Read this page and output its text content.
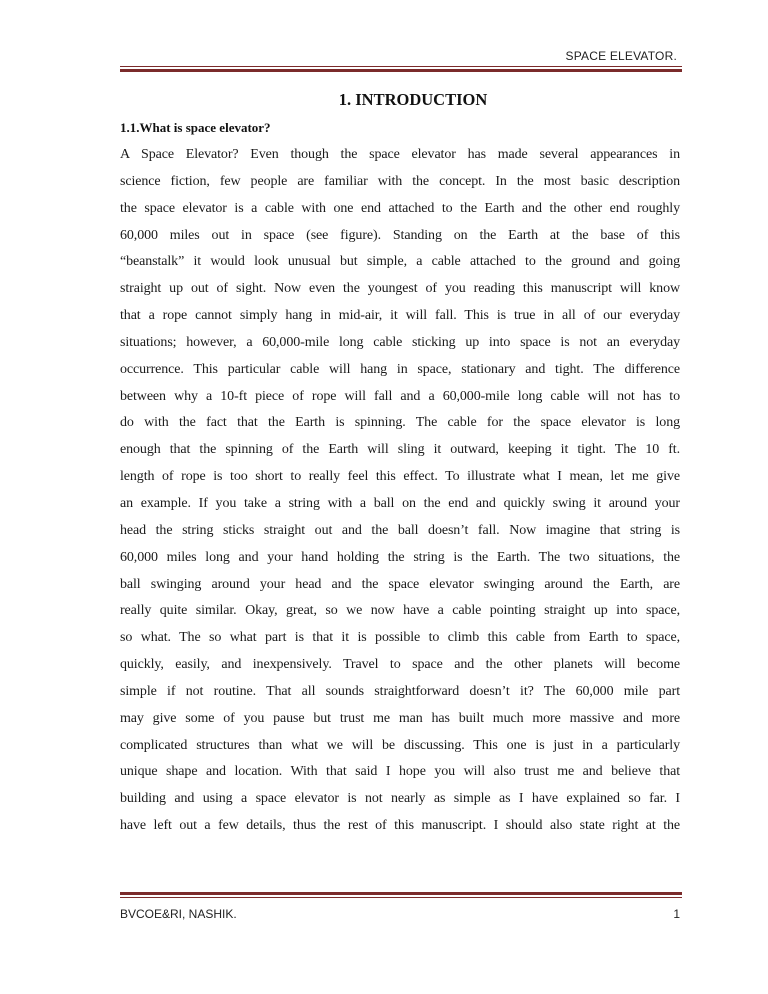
SPACE ELEVATOR.
1. INTRODUCTION
1.1.What is space elevator?
A Space Elevator? Even though the space elevator has made several appearances in
science fiction, few people are familiar with the concept. In the most basic description
the space elevator is a cable with one end attached to the Earth and the other end roughly
60,000 miles out in space (see figure). Standing on the Earth at the base of this
“beanstalk” it would look unusual but simple, a cable attached to the ground and going
straight up out of sight. Now even the youngest of you reading this manuscript will know
that a rope cannot simply hang in mid-air, it will fall. This is true in all of our everyday
situations; however, a 60,000-mile long cable sticking up into space is not an everyday
occurrence. This particular cable will hang in space, stationary and tight. The difference
between why a 10-ft piece of rope will fall and a 60,000-mile long cable will not has to
do with the fact that the Earth is spinning. The cable for the space elevator is long
enough that the spinning of the Earth will sling it outward, keeping it tight. The 10 ft.
length of rope is too short to really feel this effect. To illustrate what I mean, let me give
an example. If you take a string with a ball on the end and quickly swing it around your
head the string sticks straight out and the ball doesn’t fall. Now imagine that string is
60,000 miles long and your hand holding the string is the Earth. The two situations, the
ball swinging around your head and the space elevator swinging around the Earth, are
really quite similar. Okay, great, so we now have a cable pointing straight up into space,
so what. The so what part is that it is possible to climb this cable from Earth to space,
quickly, easily, and inexpensively. Travel to space and the other planets will become
simple if not routine. That all sounds straightforward doesn’t it? The 60,000 mile part
may give some of you pause but trust me man has built much more massive and more
complicated structures than what we will be discussing. This one is just in a particularly
unique shape and location. With that said I hope you will also trust me and believe that
building and using a space elevator is not nearly as simple as I have explained so far. I
have left out a few details, thus the rest of this manuscript. I should also state right at the
BVCOE&RI, NASHIK.	1
